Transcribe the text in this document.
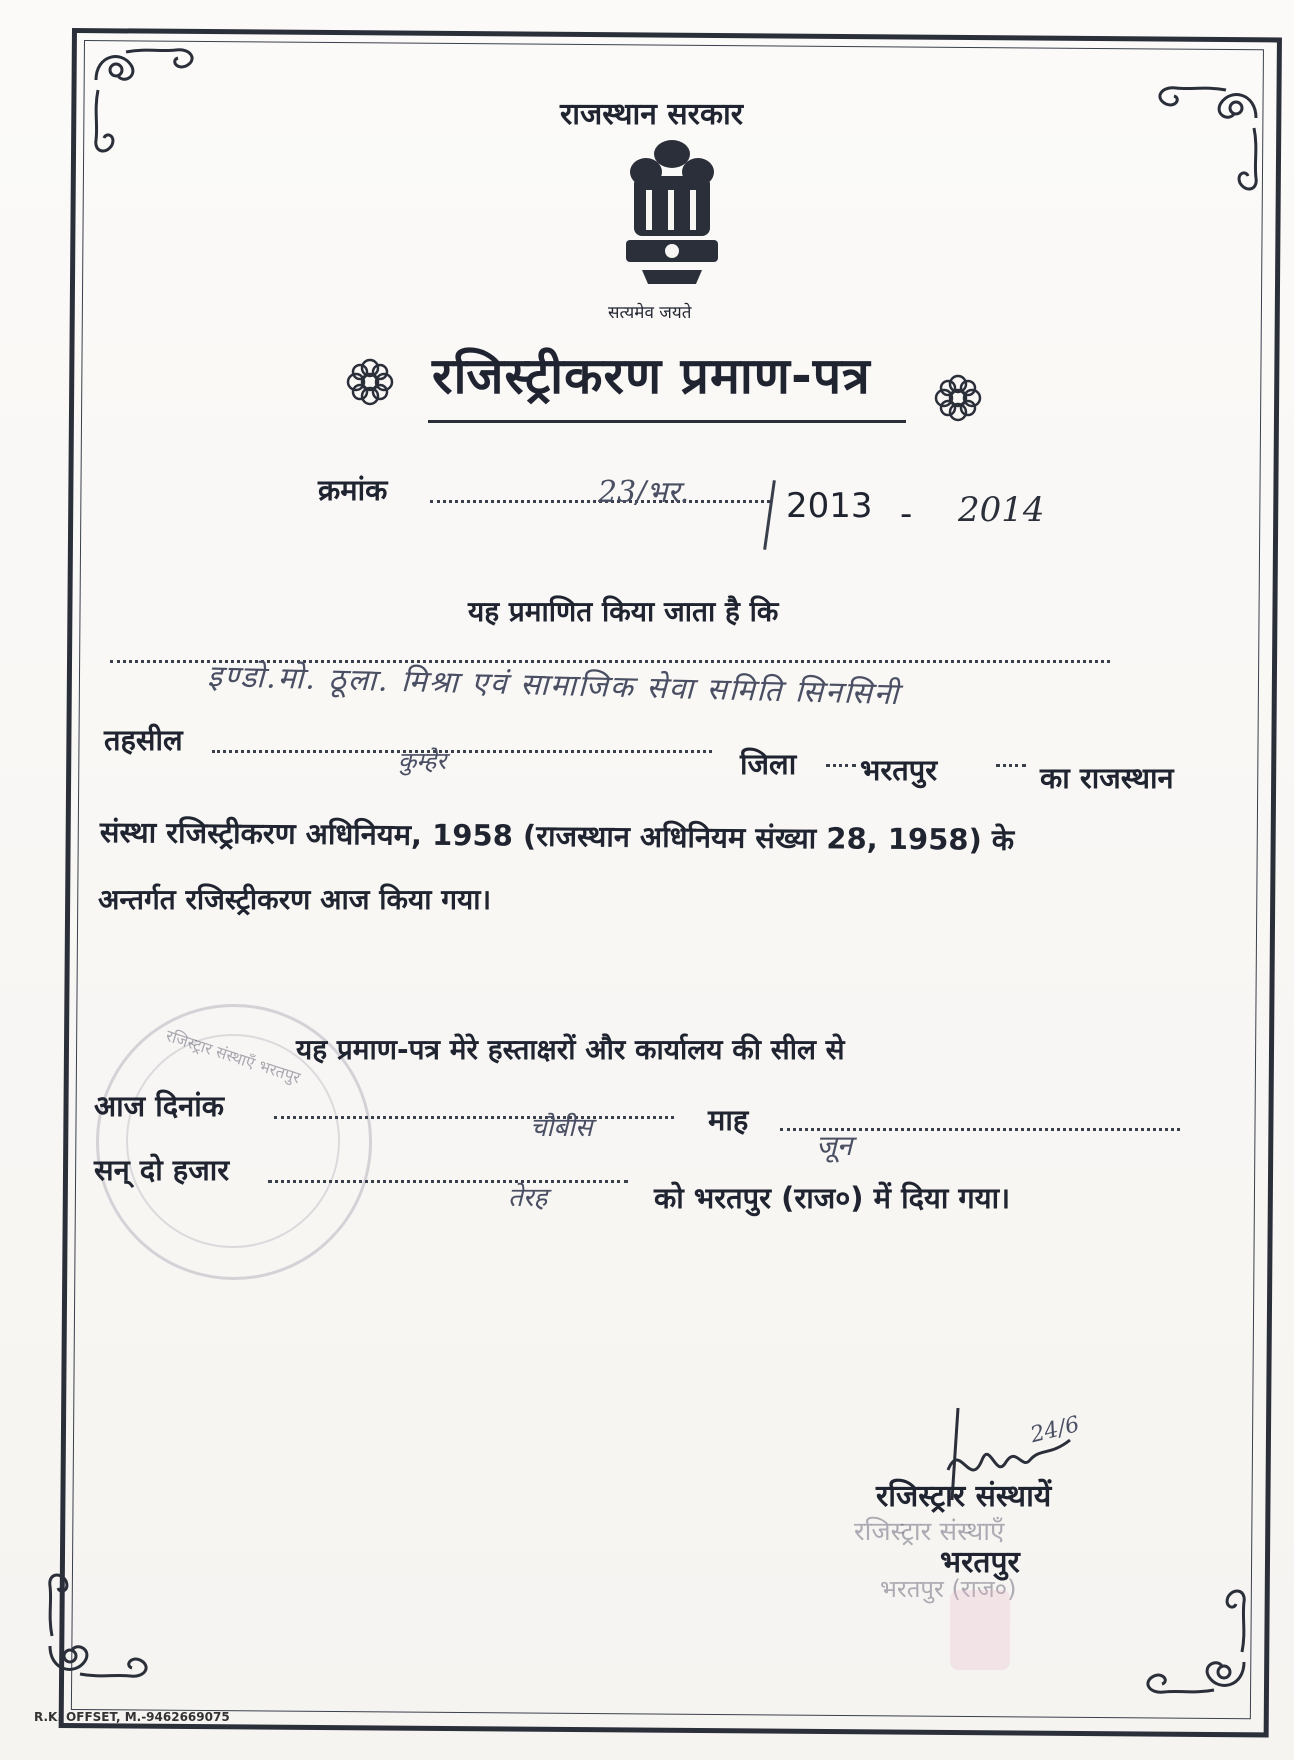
राजस्थान सरकार
सत्यमेव जयते
रजिस्ट्रीकरण प्रमाण-पत्र
क्रमांक	23/भर.	2013 - 2014
यह प्रमाणित किया जाता है कि
इण्डो.मो. ठूला. मिश्रा एवं सामाजिक सेवा समिति सिनसिनी
तहसील
कुम्हेर	जिला भरतपुर	का राजस्थान
संस्था रजिस्ट्रीकरण अधिनियम, 1958 (राजस्थान अधिनियम संख्या 28, 1958) के
अन्तर्गत रजिस्ट्रीकरण आज किया गया।
रजिस्ट्रार संस्थाएँ भरतपुर
यह प्रमाण-पत्र मेरे हस्ताक्षरों और कार्यालय की सील से
आज दिनांक
चौबीस	माह
जून
सन् दो हजार
तेरह	को भरतपुर (राज०) में दिया गया।
24/6
रजिस्ट्रार संस्थायें
रजिस्ट्रार संस्थाएँ
भरतपुर
भरतपुर (राज०)
R.K. OFFSET, M.-9462669075
